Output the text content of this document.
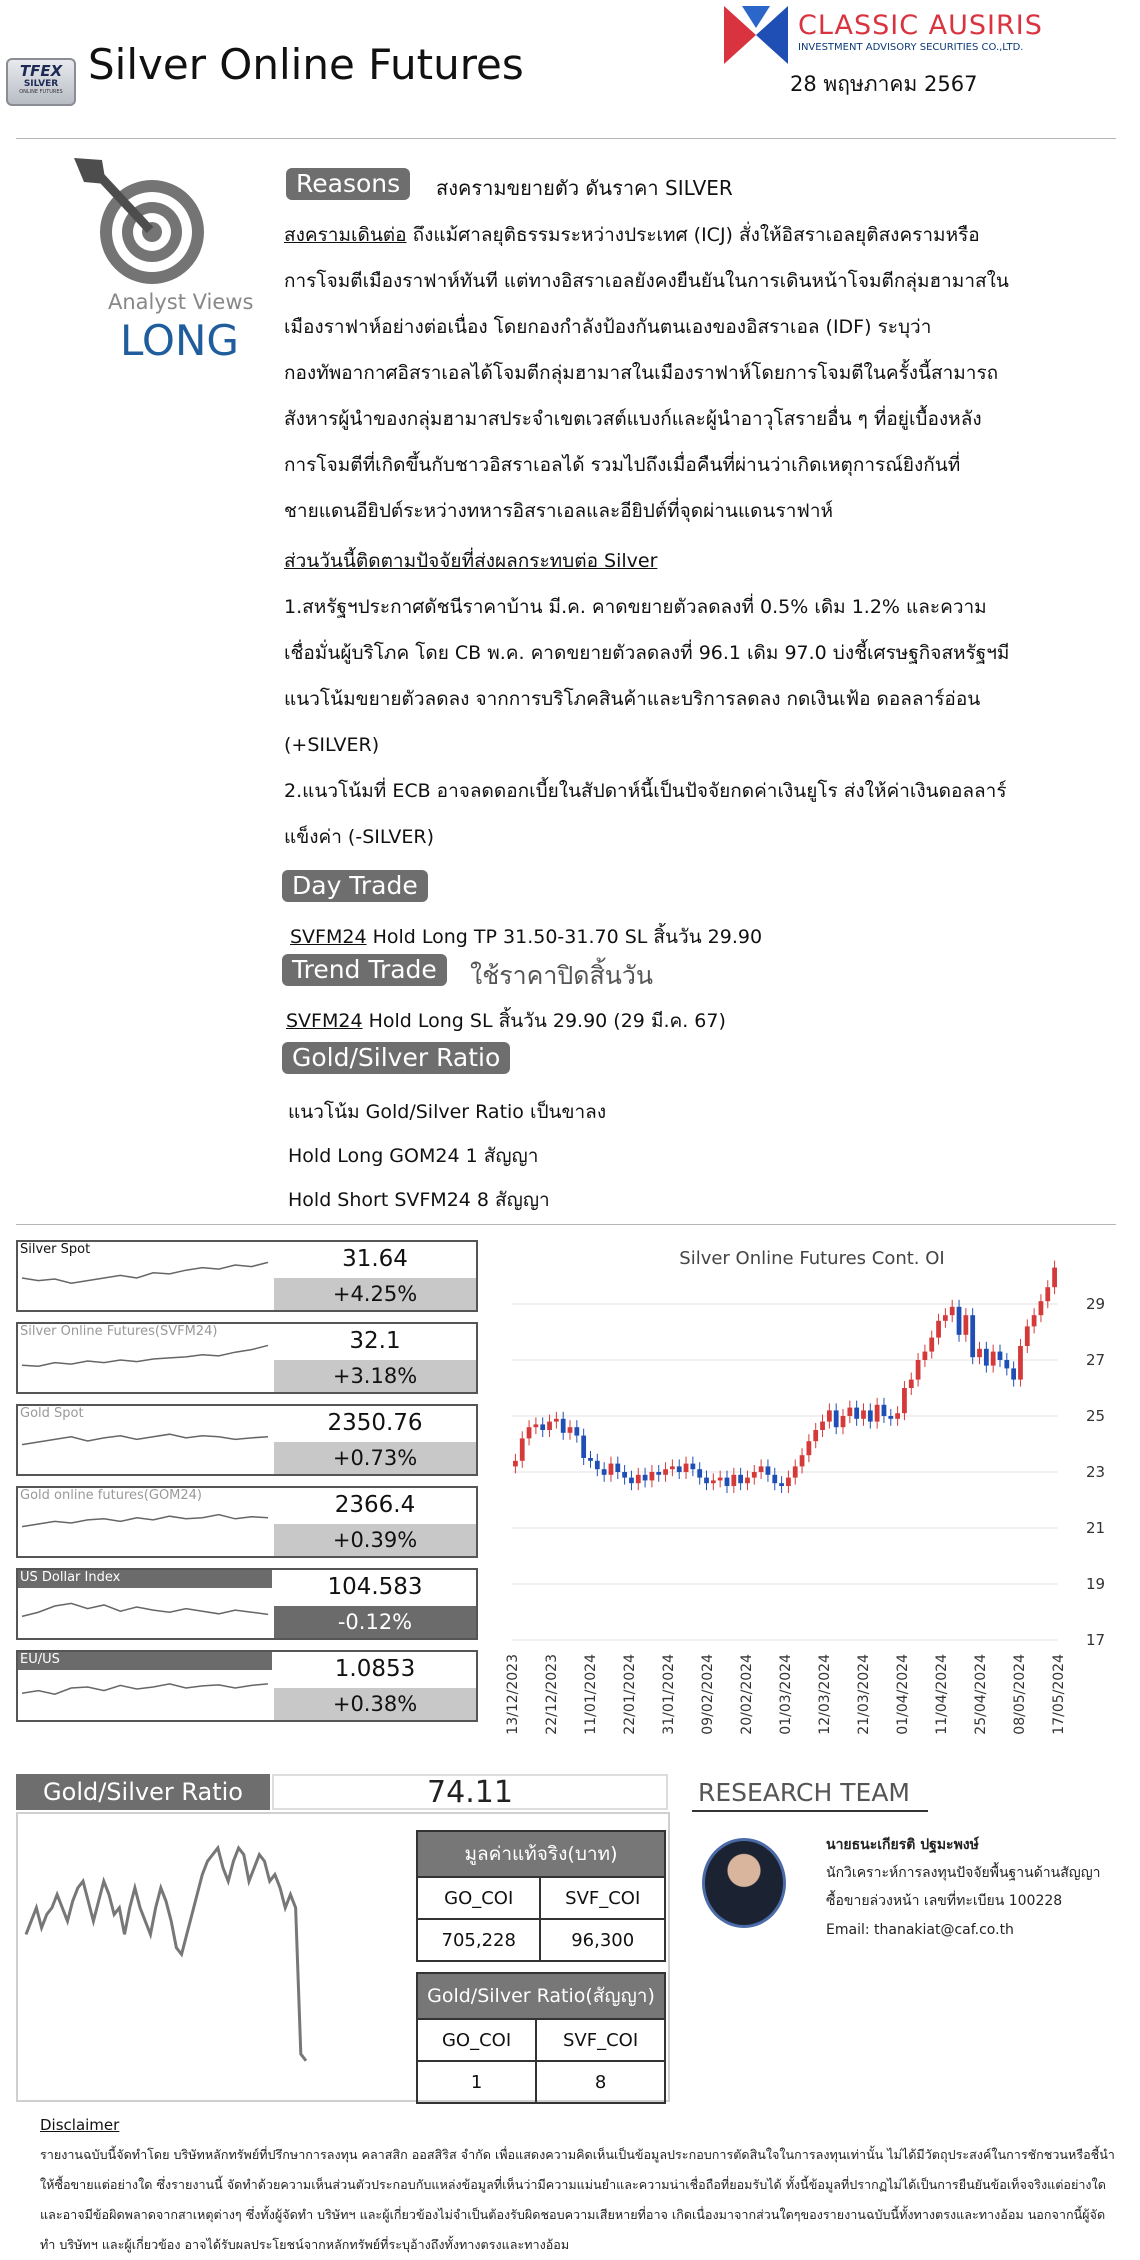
TFEX
SILVER
ONLINE FUTURES
Silver Online Futures
CLASSIC AUSIRIS
INVESTMENT ADVISORY SECURITIES CO.,LTD.
28 พฤษภาคม 2567
Analyst Views
LONG
Reasons	สงครามขยายตัว ดันราคา SILVER
สงครามเดินต่อ ถึงแม้ศาลยุติธรรมระหว่างประเทศ (ICJ) สั่งให้อิสราเอลยุติสงครามหรือ
การโจมตีเมืองราฟาห์ทันที แต่ทางอิสราเอลยังคงยืนยันในการเดินหน้าโจมตีกลุ่มฮามาสใน
เมืองราฟาห์อย่างต่อเนื่อง โดยกองกำลังป้องกันตนเองของอิสราเอล (IDF) ระบุว่า
กองทัพอากาศอิสราเอลได้โจมตีกลุ่มฮามาสในเมืองราฟาห์โดยการโจมตีในครั้งนี้สามารถ
สังหารผู้นำของกลุ่มฮามาสประจำเขตเวสต์แบงก์และผู้นำอาวุโสรายอื่น ๆ ที่อยู่เบื้องหลัง
การโจมตีที่เกิดขึ้นกับชาวอิสราเอลได้ รวมไปถึงเมื่อคืนที่ผ่านว่าเกิดเหตุการณ์ยิงกันที่
ชายแดนอียิปต์ระหว่างทหารอิสราเอลและอียิปต์ที่จุดผ่านแดนราฟาห์
ส่วนวันนี้ติดตามปัจจัยที่ส่งผลกระทบต่อ Silver
1.สหรัฐฯประกาศดัชนีราคาบ้าน มี.ค. คาดขยายตัวลดลงที่ 0.5% เดิม 1.2% และความ
เชื่อมั่นผู้บริโภค โดย CB พ.ค. คาดขยายตัวลดลงที่ 96.1 เดิม 97.0 บ่งชี้เศรษฐกิจสหรัฐฯมี
แนวโน้มขยายตัวลดลง จากการบริโภคสินค้าและบริการลดลง กดเงินเฟ้อ ดอลลาร์อ่อน
(+SILVER)
2.แนวโน้มที่ ECB อาจลดดอกเบี้ยในสัปดาห์นี้เป็นปัจจัยกดค่าเงินยูโร ส่งให้ค่าเงินดอลลาร์
แข็งค่า (-SILVER)
Day Trade
SVFM24 Hold Long TP 31.50-31.70 SL สิ้นวัน 29.90
Trend Trade	ใช้ราคาปิดสิ้นวัน
SVFM24 Hold Long SL สิ้นวัน 29.90 (29 มี.ค. 67)
Gold/Silver Ratio
แนวโน้ม Gold/Silver Ratio เป็นขาลง
Hold Long GOM24 1 สัญญา
Hold Short SVFM24 8 สัญญา
Silver Spot	31.64
+4.25%
Silver Online Futures(SVFM24)	32.1
+3.18%
Gold Spot	2350.76
+0.73%
Gold online futures(GOM24)	2366.4
+0.39%
US Dollar Index	104.583
-0.12%
EU/US	1.0853
+0.38%
Silver Online Futures Cont. OI
17
19
21
23
25
27
29
13/12/2023 22/12/2023 11/01/2024 22/01/2024 31/01/2024 09/02/2024 20/02/2024 01/03/2024 12/03/2024 21/03/2024 01/04/2024 11/04/2024 25/04/2024 08/05/2024 17/05/2024
Gold/Silver Ratio	74.11
มูลค่าแท้จริง(บาท)	
GO_COI	SVF_COI
705,228	96,300
Gold/Silver Ratio(สัญญา)	
GO_COI	SVF_COI
1	8
RESEARCH TEAM
นายธนะเกียรติ ปฐมะพงษ์
นักวิเคราะห์การลงทุนปัจจัยพื้นฐานด้านสัญญา
ซื้อขายล่วงหน้า เลขที่ทะเบียน 100228
Email: thanakiat@caf.co.th
Disclaimer
รายงานฉบับนี้จัดทำโดย บริษัทหลักทรัพย์ที่ปรึกษาการลงทุน คลาสสิก ออสสิริส จำกัด เพื่อแสดงความคิดเห็นเป็นข้อมูลประกอบการตัดสินใจในการลงทุนเท่านั้น ไม่ได้มีวัตถุประสงค์ในการชักชวนหรือชี้นำให้ซื้อขายแต่อย่างใด ซึ่งรายงานนี้ จัดทำด้วยความเห็นส่วนตัวประกอบกับแหล่งข้อมูลที่เห็นว่ามีความแม่นยำและความน่าเชื่อถือที่ยอมรับได้ ทั้งนี้ข้อมูลที่ปรากฏไม่ได้เป็นการยืนยันข้อเท็จจริงแต่อย่างใดและอาจมีข้อผิดพลาดจากสาเหตุต่างๆ ซึ่งทั้งผู้จัดทำ บริษัทฯ และผู้เกี่ยวข้องไม่จำเป็นต้องรับผิดชอบความเสียหายที่อาจ เกิดเนื่องมาจากส่วนใดๆของรายงานฉบับนี้ทั้งทางตรงและทางอ้อม นอกจากนี้ผู้จัดทำ บริษัทฯ และผู้เกี่ยวข้อง อาจได้รับผลประโยชน์จากหลักทรัพย์ที่ระบุอ้างถึงทั้งทางตรงและทางอ้อม
